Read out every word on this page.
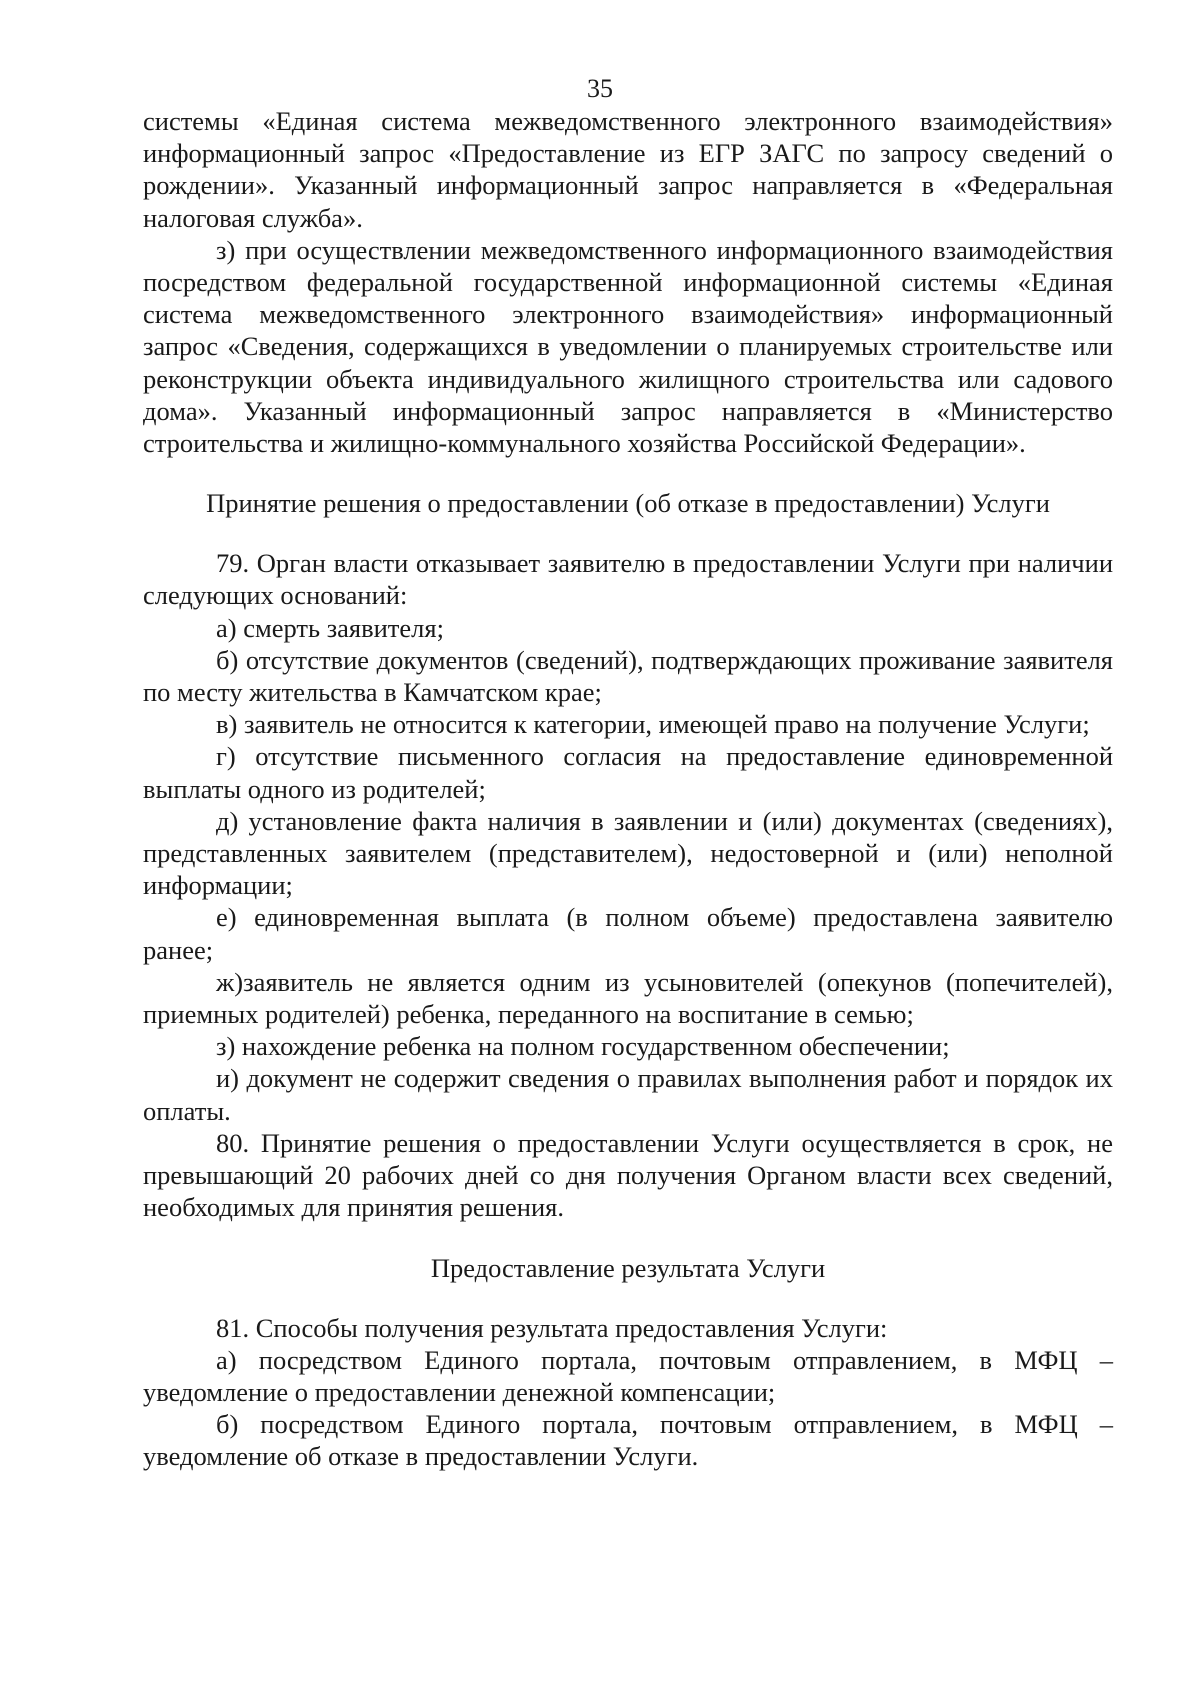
35

системы «Единая система межведомственного электронного взаимодействия» информационный запрос «Предоставление из ЕГР ЗАГС по запросу сведений о рождении». Указанный информационный запрос направляется в «Федеральная налоговая служба».

з) при осуществлении межведомственного информационного взаимодействия посредством федеральной государственной информационной системы «Единая система межведомственного электронного взаимодействия» информационный запрос «Сведения, содержащихся в уведомлении о планируемых строительстве или реконструкции объекта индивидуального жилищного строительства или садового дома». Указанный информационный запрос направляется в «Министерство строительства и жилищно-коммунального хозяйства Российской Федерации».

Принятие решения о предоставлении (об отказе в предоставлении) Услуги

79. Орган власти отказывает заявителю в предоставлении Услуги при наличии следующих оснований:

а) смерть заявителя;

б) отсутствие документов (сведений), подтверждающих проживание заявителя по месту жительства в Камчатском крае;

в) заявитель не относится к категории, имеющей право на получение Услуги;

г) отсутствие письменного согласия на предоставление единовременной выплаты одного из родителей;

д) установление факта наличия в заявлении и (или) документах (сведениях), представленных заявителем (представителем), недостоверной и (или) неполной информации;

е) единовременная выплата (в полном объеме) предоставлена заявителю ранее;

ж)заявитель не является одним из усыновителей (опекунов (попечителей), приемных родителей) ребенка, переданного на воспитание в семью;

з) нахождение ребенка на полном государственном обеспечении;

и) документ не содержит сведения о правилах выполнения работ и порядок их оплаты.

80. Принятие решения о предоставлении Услуги осуществляется в срок, не превышающий 20 рабочих дней со дня получения Органом власти всех сведений, необходимых для принятия решения.

Предоставление результата Услуги

81. Способы получения результата предоставления Услуги:

а) посредством Единого портала, почтовым отправлением, в МФЦ – уведомление о предоставлении денежной компенсации;

б) посредством Единого портала, почтовым отправлением, в МФЦ – уведомление об отказе в предоставлении Услуги.
